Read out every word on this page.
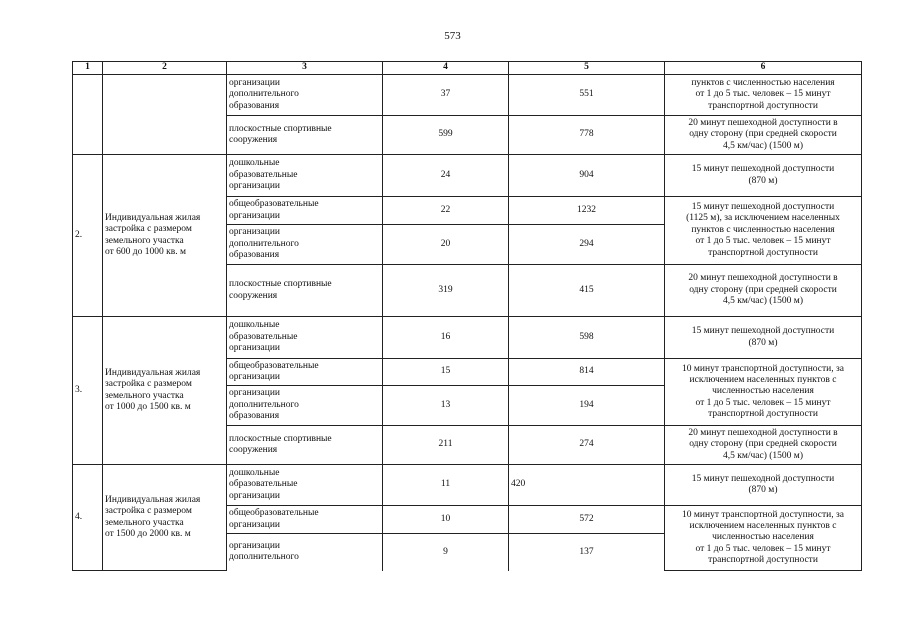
573
1	2	3	4	5	6
		организации
дополнительного
образования	37	551	пунктов с численностью населения
от 1 до 5 тыс. человек – 15 минут
транспортной доступности
		плоскостные спортивные
сооружения	599	778	20 минут пешеходной доступности в
одну сторону (при средней скорости
4,5 км/час) (1500 м)
2.	Индивидуальная жилая
застройка с размером
земельного участка
от 600 до 1000 кв. м	дошкольные
образовательные
организации	24	904	15 минут пешеходной доступности
(870 м)
		общеобразовательные
организации	22	1232	15 минут пешеходной доступности
(1125 м), за исключением населенных
пунктов с численностью населения
от 1 до 5 тыс. человек – 15 минут
транспортной доступности
		организации
дополнительного
образования	20	294	
		плоскостные спортивные
сооружения	319	415	20 минут пешеходной доступности в
одну сторону (при средней скорости
4,5 км/час) (1500 м)
3.	Индивидуальная жилая
застройка с размером
земельного участка
от 1000 до 1500 кв. м	дошкольные
образовательные
организации	16	598	15 минут пешеходной доступности
(870 м)
		общеобразовательные
организации	15	814	10 минут транспортной доступности, за
исключением населенных пунктов с
численностью населения
от 1 до 5 тыс. человек – 15 минут
транспортной доступности
		организации
дополнительного
образования	13	194	
		плоскостные спортивные
сооружения	211	274	20 минут пешеходной доступности в
одну сторону (при средней скорости
4,5 км/час) (1500 м)
4.	Индивидуальная жилая
застройка с размером
земельного участка
от 1500 до 2000 кв. м	дошкольные
образовательные
организации	11	420	15 минут пешеходной доступности
(870 м)
		общеобразовательные
организации	10	572	10 минут транспортной доступности, за
исключением населенных пунктов с
численностью населения
от 1 до 5 тыс. человек – 15 минут
транспортной доступности
		организации
дополнительного	9	137	
